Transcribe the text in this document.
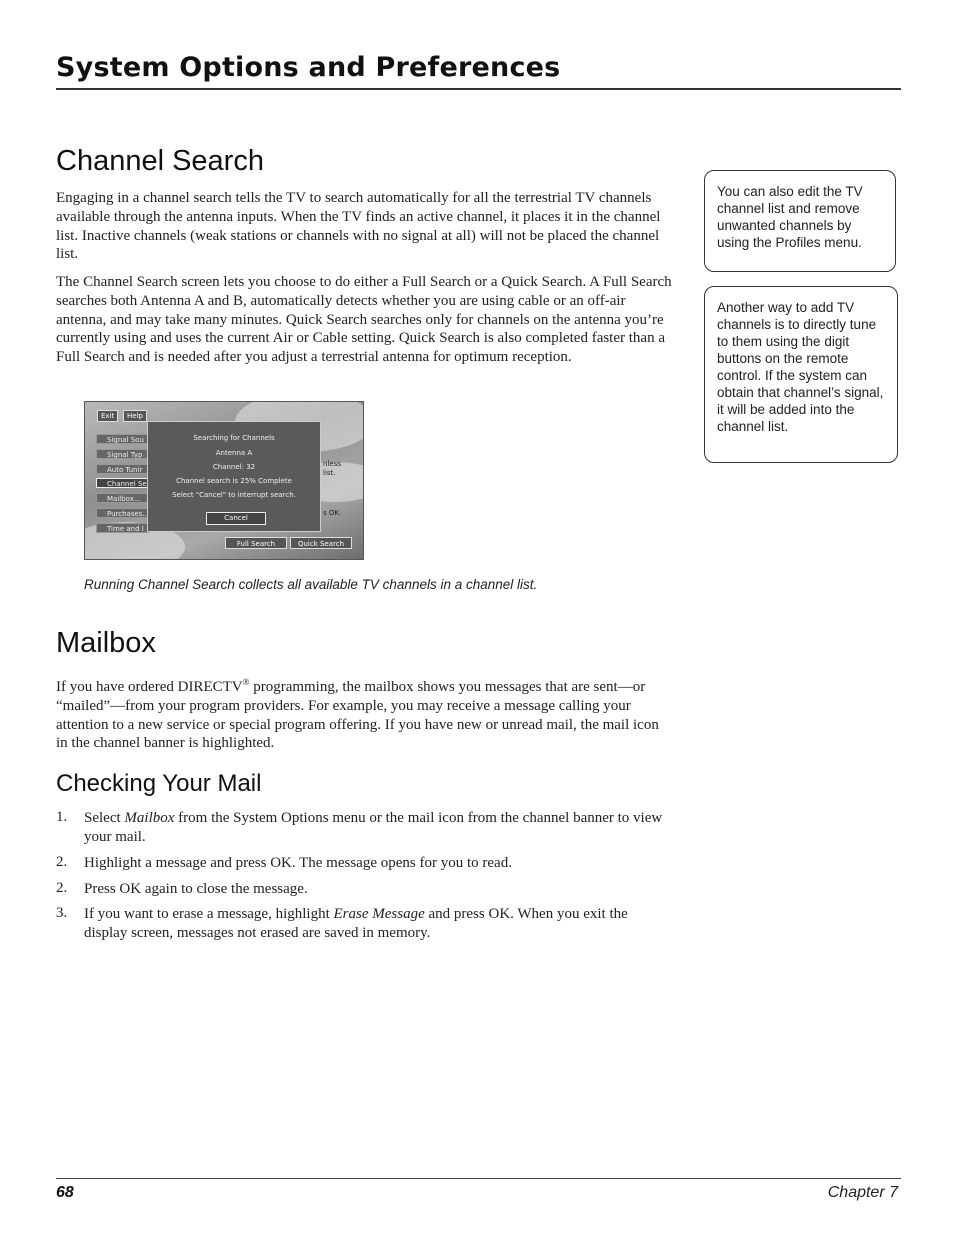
System Options and Preferences
Channel Search
Engaging in a channel search tells the TV to search automatically for all the terrestrial TV channels available through the antenna inputs. When the TV finds an active channel, it places it in the channel list. Inactive channels (weak stations or channels with no signal at all) will not be placed the channel list.
The Channel Search screen lets you choose to do either a Full Search or a Quick Search. A Full Search searches both Antenna A and B, automatically detects whether you are using cable or an off-air antenna, and may take many minutes. Quick Search searches only for channels on the antenna you’re currently using and uses the current Air or Cable setting. Quick Search is also completed faster than a Full Search and is needed after you adjust a terrestrial antenna for optimum reception.
You can also edit the TV channel list and remove unwanted channels by using the Profiles menu.
Another way to add TV channels is to directly tune to them using the digit buttons on the remote control. If the system can obtain that channel’s signal, it will be added into the channel list.
Exit	Help
Signal Sou
Signal Typ
Auto Tunir
Channel Se
Mailbox...
Purchases..
Time and I
nless
list.
s OK.
Searching for Channels
Antenna A
Channel: 32
Channel search is 25% Complete
Select "Cancel" to interrupt search.
Cancel
Full Search	Quick Search
Running Channel Search collects all available TV channels in a channel list.
Mailbox
If you have ordered DIRECTV® programming, the mailbox shows you messages that are sent—or “mailed”—from your program providers. For example, you may receive a message calling your attention to a new service or special program offering. If you have new or unread mail, the mail icon in the channel banner is highlighted.
Checking Your Mail
1. Select Mailbox from the System Options menu or the mail icon from the channel banner to view your mail.
2. Highlight a message and press OK. The message opens for you to read.
2. Press OK again to close the message.
3. If you want to erase a message, highlight Erase Message and press OK. When you exit the display screen, messages not erased are saved in memory.
68	Chapter 7
